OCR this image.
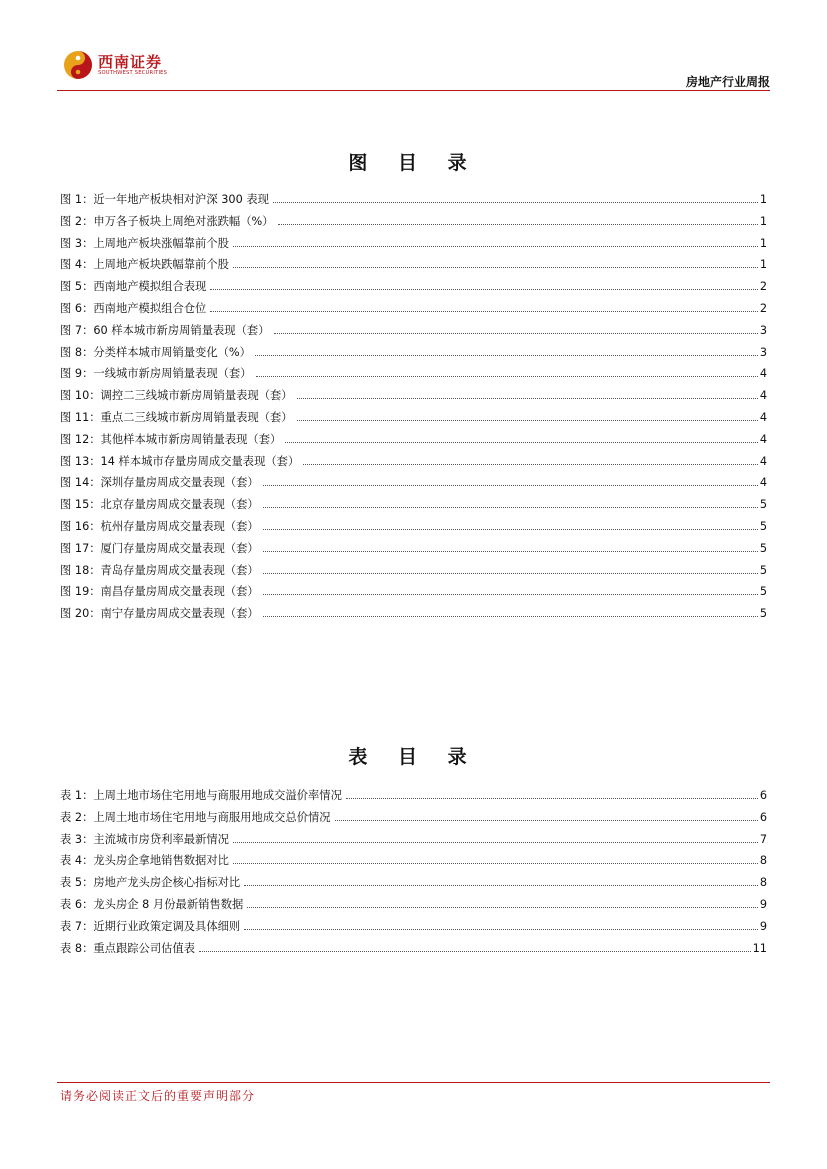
西南证券
SOUTHWEST SECURITIES
房地产行业周报
图 目 录
图 1：近一年地产板块相对沪深 300 表现	1
图 2：申万各子板块上周绝对涨跌幅（%）	1
图 3：上周地产板块涨幅靠前个股	1
图 4：上周地产板块跌幅靠前个股	1
图 5：西南地产模拟组合表现	2
图 6：西南地产模拟组合仓位	2
图 7：60 样本城市新房周销量表现（套）	3
图 8：分类样本城市周销量变化（%）	3
图 9：一线城市新房周销量表现（套）	4
图 10：调控二三线城市新房周销量表现（套）	4
图 11：重点二三线城市新房周销量表现（套）	4
图 12：其他样本城市新房周销量表现（套）	4
图 13：14 样本城市存量房周成交量表现（套）	4
图 14：深圳存量房周成交量表现（套）	4
图 15：北京存量房周成交量表现（套）	5
图 16：杭州存量房周成交量表现（套）	5
图 17：厦门存量房周成交量表现（套）	5
图 18：青岛存量房周成交量表现（套）	5
图 19：南昌存量房周成交量表现（套）	5
图 20：南宁存量房周成交量表现（套）	5
表 目 录
表 1：上周土地市场住宅用地与商服用地成交溢价率情况	6
表 2：上周土地市场住宅用地与商服用地成交总价情况	6
表 3：主流城市房贷利率最新情况	7
表 4：龙头房企拿地销售数据对比	8
表 5：房地产龙头房企核心指标对比	8
表 6：龙头房企 8 月份最新销售数据	9
表 7：近期行业政策定调及具体细则	9
表 8：重点跟踪公司估值表	11
请务必阅读正文后的重要声明部分
